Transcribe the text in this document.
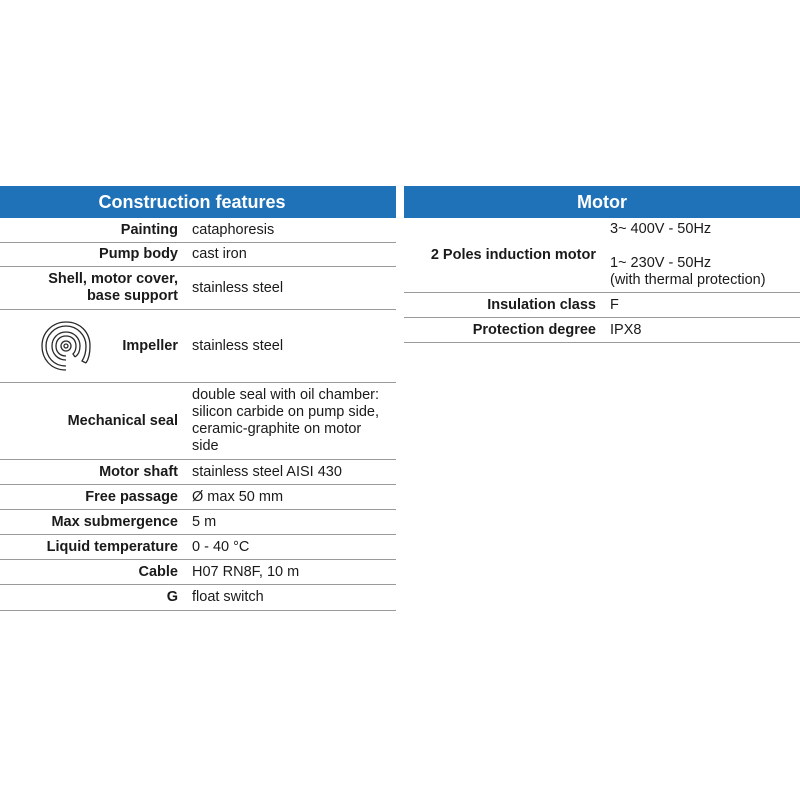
Construction features
Painting cataphoresis
Pump body cast iron
Shell, motor cover,
base support
stainless steel
Impeller stainless steel
Mechanical seal
double seal with oil chamber:
silicon carbide on pump side,
ceramic-graphite on motor
side
Motor shaft stainless steel AISI 430
Free passage Ø max 50 mm
Max submergence 5 m
Liquid temperature 0 - 40 °C
Cable H07 RN8F, 10 m
G float switch
Motor
2 Poles induction motor
3~ 400V - 50Hz

1~ 230V - 50Hz
(with thermal protection)
Insulation class F
Protection degree IPX8
